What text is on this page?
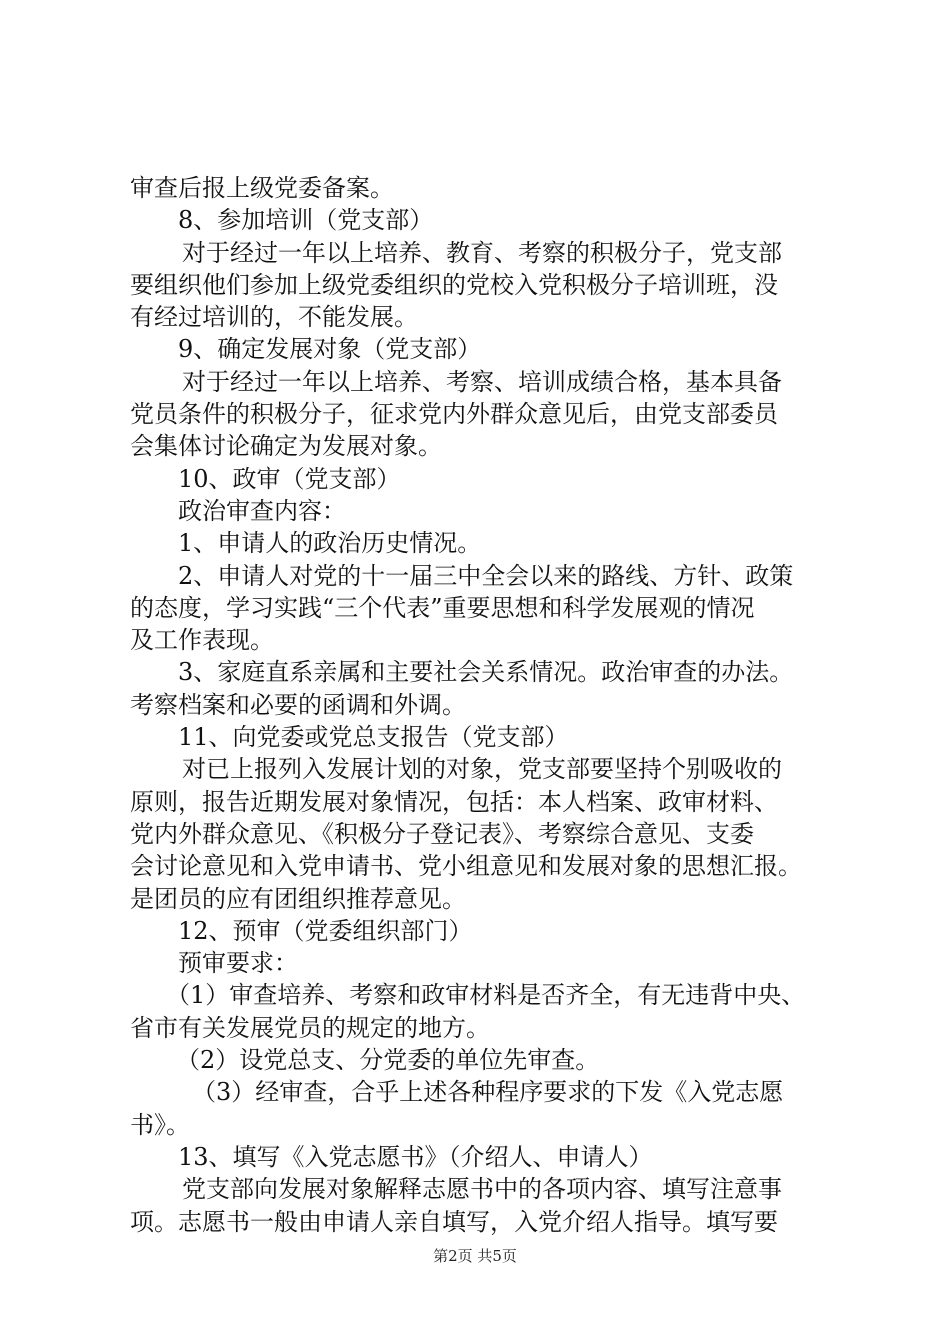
审查后报上级党委备案。
8、参加培训（党支部）
对于经过一年以上培养、教育、考察的积极分子，党支部
要组织他们参加上级党委组织的党校入党积极分子培训班，没
有经过培训的，不能发展。
9、确定发展对象（党支部）
对于经过一年以上培养、考察、培训成绩合格，基本具备
党员条件的积极分子，征求党内外群众意见后，由党支部委员
会集体讨论确定为发展对象。
10、政审（党支部）
政治审查内容：
1、申请人的政治历史情况。
2、申请人对党的十一届三中全会以来的路线、方针、政策
的态度，学习实践“三个代表”重要思想和科学发展观的情况
及工作表现。
3、家庭直系亲属和主要社会关系情况。政治审查的办法。
考察档案和必要的函调和外调。
11、向党委或党总支报告（党支部）
对已上报列入发展计划的对象，党支部要坚持个别吸收的
原则，报告近期发展对象情况，包括：本人档案、政审材料、
党内外群众意见、《积极分子登记表》、考察综合意见、支委
会讨论意见和入党申请书、党小组意见和发展对象的思想汇报。
是团员的应有团组织推荐意见。
12、预审（党委组织部门）
预审要求：
（1）审查培养、考察和政审材料是否齐全，有无违背中央、
省市有关发展党员的规定的地方。
（2）设党总支、分党委的单位先审查。
（3）经审查，合乎上述各种程序要求的下发《入党志愿
书》。
13、填写《入党志愿书》（介绍人、申请人）
党支部向发展对象解释志愿书中的各项内容、填写注意事
项。志愿书一般由申请人亲自填写，入党介绍人指导。填写要
第2页 共5页
